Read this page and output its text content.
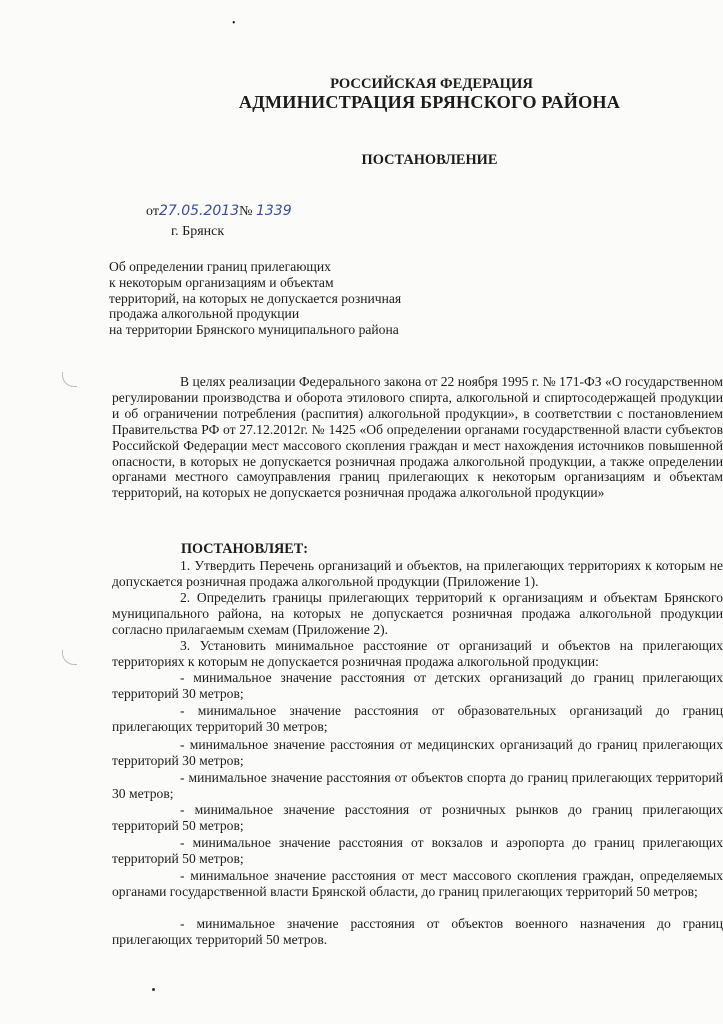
•
РОССИЙСКАЯ ФЕДЕРАЦИЯ
АДМИНИСТРАЦИЯ БРЯНСКОГО РАЙОНА
ПОСТАНОВЛЕНИЕ
от27.05.2013№ 1339
г. Брянск
Об определении границ прилегающих
к некоторым организациям и объектам
территорий, на которых не допускается розничная
продажа алкогольной продукции
на территории Брянского муниципального района
В целях реализации Федерального закона от 22 ноября 1995 г. № 171-ФЗ «О государственном регулировании производства и оборота этилового спирта, алкогольной и спиртосодержащей продукции и об ограничении потребления (распития) алкогольной продукции», в соответствии с постановлением Правительства РФ от 27.12.2012г. № 1425 «Об определении органами государственной власти субъектов Российской Федерации мест массового скопления граждан и мест нахождения источников повышенной опасности, в которых не допускается розничная продажа алкогольной продукции, а также определении органами местного самоуправления границ прилегающих к некоторым организациям и объектам территорий, на которых не допускается розничная продажа алкогольной продукции»
ПОСТАНОВЛЯЕТ:
1. Утвердить Перечень организаций и объектов, на прилегающих территориях к которым не допускается розничная продажа алкогольной продукции (Приложение 1).
2. Определить границы прилегающих территорий к организациям и объектам Брянского муниципального района, на которых не допускается розничная продажа алкогольной продукции согласно прилагаемым схемам (Приложение 2).
3. Установить минимальное расстояние от организаций и объектов на прилегающих территориях к которым не допускается розничная продажа алкогольной продукции:
- минимальное значение расстояния от детских организаций до границ прилегающих территорий 30 метров;
- минимальное значение расстояния от образовательных организаций до границ прилегающих территорий 30 метров;
- минимальное значение расстояния от медицинских организаций до границ прилегающих территорий 30 метров;
- минимальное значение расстояния от объектов спорта до границ прилегающих территорий 30 метров;
- минимальное значение расстояния от розничных рынков до границ прилегающих территорий 50 метров;
- минимальное значение расстояния от вокзалов и аэропорта до границ прилегающих территорий 50 метров;
- минимальное значение расстояния от мест массового скопления граждан, определяемых органами государственной власти Брянской области, до границ прилегающих территорий 50 метров;
- минимальное значение расстояния от объектов военного назначения до границ прилегающих территорий 50 метров.
